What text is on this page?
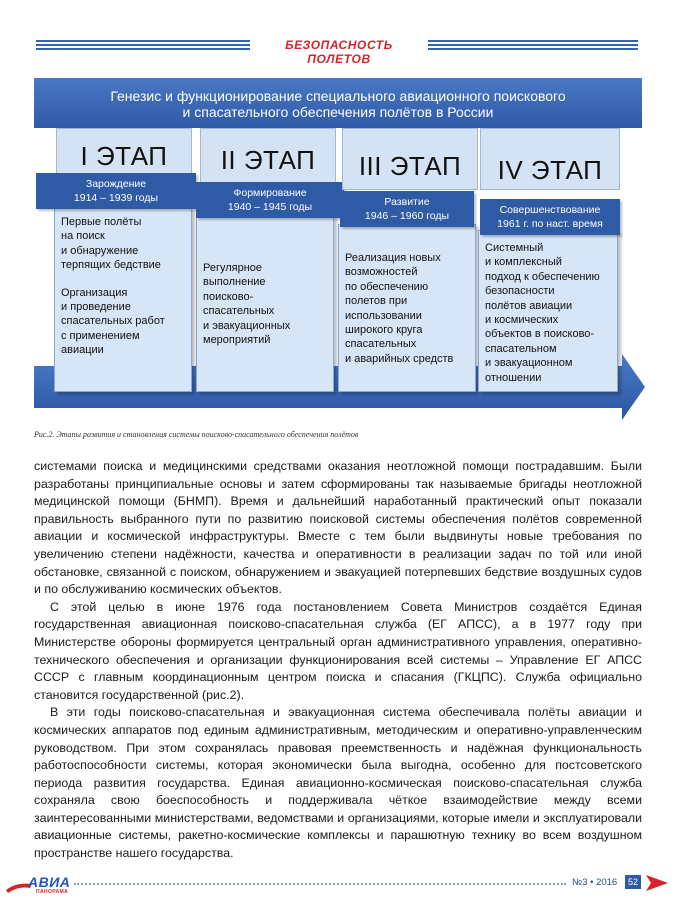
БЕЗОПАСНОСТЬ ПОЛЕТОВ
Генезис и функционирование специального авиационного поискового
и спасательного обеспечения полётов в России
I ЭТАП

Первые полёты
на поиск
и обнаружение
терпящих бедствие

Организация
и проведение
спасательных работ
с применением
авиации

Зарождение
1914 – 1939 годы
II ЭТАП

Регулярное
выполнение
поисково-
спасательных
и эвакуационных
мероприятий

Формирование
1940 – 1945 годы
III ЭТАП

Реализация новых
возможностей
по обеспечению
полетов при
использовании
широкого круга
спасательных
и аварийных средств

Развитие
1946 – 1960 годы
IV ЭТАП

Системный
и комплексный
подход к обеспечению
безопасности
полётов авиации
и космических
объектов в поисково-
спасательном
и эвакуационном
отношении

Совершенствование
1961 г. по наст. время
Рис.2. Этапы развития и становления системы поисково-спасательного обеспечения полётов

системами поиска и медицинскими средствами оказания неотложной помощи пострадавшим. Были разработаны принципиальные основы и затем сформированы так называемые бригады неотложной медицинской помощи (БНМП). Время и дальнейший наработанный практический опыт показали правильность выбранного пути по развитию поисковой системы обеспечения полётов современной авиации и космической инфраструктуры. Вместе с тем были выдвинуты новые требования по увеличению степени надёжности, качества и оперативности в реализации задач по той или иной обстановке, связанной с поиском, обнаружением и эвакуацией потерпевших бедствие воздушных судов и по обслуживанию космических объектов.

С этой целью в июне 1976 года постановлением Совета Министров создаётся Единая государственная авиационная поисково-спасательная служба (ЕГ АПСС), а в 1977 году при Министерстве обороны формируется центральный орган административного управления, оперативно-технического обеспечения и организации функционирования всей системы – Управление ЕГ АПСС СССР с главным координационным центром поиска и спасания (ГКЦПС). Служба официально становится государственной (рис.2).

В эти годы поисково-спасательная и эвакуационная система обеспечивала полёты авиации и космических аппаратов под единым административным, методическим и оперативно-управленческим руководством. При этом сохранялась правовая преемственность и надёжная функциональность работоспособности системы, которая экономически была выгодна, особенно для постсоветского периода развития государства. Единая авиационно-космическая поисково-спасательная служба сохраняла свою боеспособность и поддерживала чёткое взаимодействие между всеми заинтересованными министерствами, ведомствами и организациями, которые имели и эксплуатировали авиационные системы, ракетно-космические комплексы и парашютную технику во всем воздушном пространстве нашего государства.

АВИА
ПАНОРАМА
№3 • 2016	52
